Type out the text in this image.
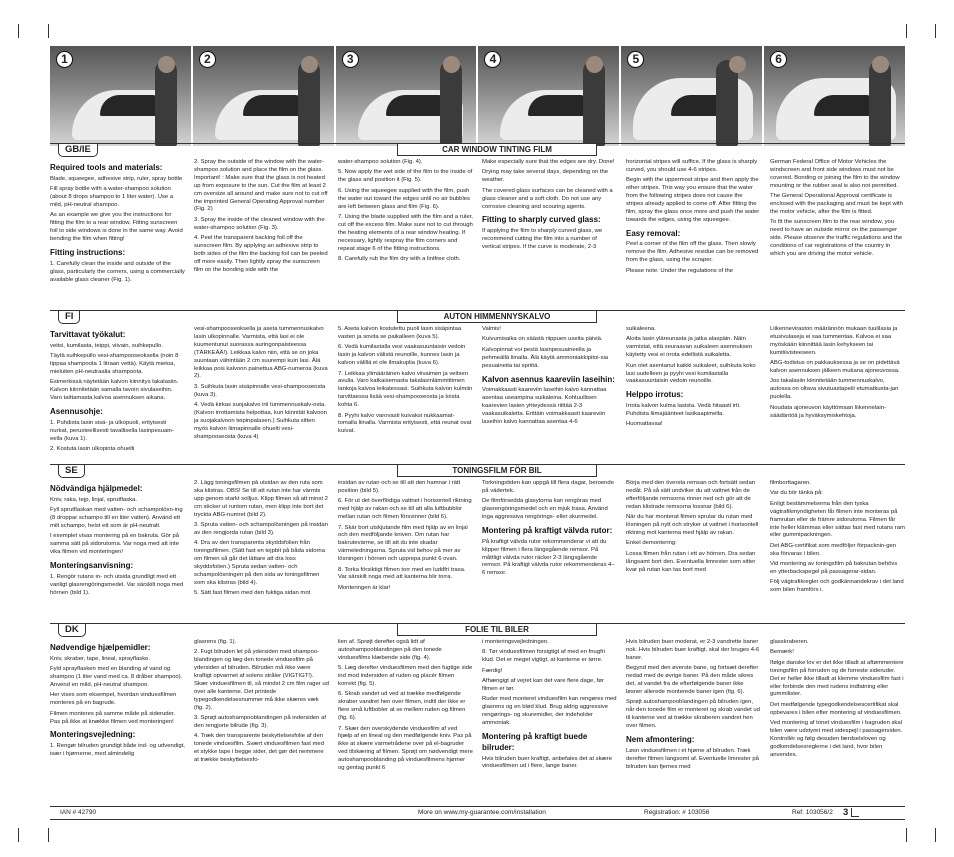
1	2	3	4	5	6
GB/IE	CAR WINDOW TINTING FILM
Required tools and materials:

Blade, squeegee, adhesive strip, ruler, spray bottle

Fill spray bottle with a water-shampoo solution (about 8 drops shampoo to 1 liter water). Use a mild, pH-neutral shampoo.

As an example we give you the instructions for fitting the film to a rear window. Fitting sunscreen foil to side windows is done in the same way. Avoid bending the film when fitting!

Fitting instructions:

1. Carefully clean the inside and outside of the glass, particularly the corners, using a commercially available glass cleaner (Fig. 1).

2. Spray the outside of the window with the water-shampoo solution and place the film on the glass. Important! : Make sure that the glass is not heated up from exposure to the sun. Cut the film at least 2 cm oversize all around and make sure not to cut off the imprinted General Operating Approval number (Fig. 2)

3. Spray the inside of the cleaned window with the water-shampoo solution (Fig. 3).

4. Peel the transparent backing foil off the sunscreen film. By applying an adhesive strip to both sides of the film the backing foil can be peeled off more easily. Then lightly spray the sunscreen film on the bonding side with the

water-shampoo solution (Fig. 4).

5. Now apply the wet side of the film to the inside of the glass and position it (Fig. 5).

6. Using the squeegee supplied with the film, push the water out toward the edges until no air bubbles are left between glass and film (Fig. 6).

7. Using the blade supplied with the film and a ruler, cut off the excess film. Make sure not to cut through the heating elements of a rear window heating. If necessary, lightly respray the film corners and repeat stage 6 of the fitting instructions.

8. Carefully rub the film dry with a lintfree cloth.

Make especially sure that the edges are dry. Done!

Drying may take several days, depending on the weather.

The covered glass surfaces can be cleaned with a glass cleaner and a soft cloth. Do not use any corrosive cleaning and scouring agents.

Fitting to sharply curved glass:

If applying the film to sharply curved glass, we recommend cutting the film into a number of vertical stripes. If the curve is moderate, 2-3

horizontal stripes will suffice. If the glass is sharply curved, you should use 4-6 stripes.

Begin with the uppermost stripe and then apply the other stripes. This way you ensure that the water from the following stripes does not cause the stripes already applied to come off. After fitting the film, spray the glass once more and push the water towards the edges, using the squeegee.

Easy removal:

Peel a corner of the film off the glass. Then slowly remove the film. Adhesive residue can be removed from the glass, using the scraper.

Please note: Under the regulations of the

German Federal Office of Motor Vehicles the windscreen and front side windows must not be covered. Bonding or joining the film to the window mounting or the rubber seal is also not permitted.

The General Operational Approval certificate is enclosed with the packaging and must be kept with the motor vehicle, after the film is fitted.

To fit the sunscreen film to the rear window, you need to have an outside mirror on the passenger side. Please observe the traffic regulations and the conditions of car registrations of the country in which you are driving the motor vehicle.

FI	AUTON HIMMENNYSKALVO
Tarvittavat työkalut:

veitsi, kumilasta, teippi, viivain, suihkepullo.

Täytä suihkepullo vesi-shampooseoksella (noin 8 tippaa shampoota 1 litraan vettä). Käytä mietoa, mieluiten pH-neutraalia shampoota.

Esimerkissä näytetään kalvon kiinnitys takalasiin. Kalvon kiinnitetään samalla tavoin sivulaseihin. Varo taittamasta kalvoa asennuksen aikana.

Asennusohje:

1. Puhdista lasin sisä- ja ulkopuoli, erityisesti nurkat, perusteellisesti tavallisella lasinpesuain-eella (kuva 1).

2. Kostuta lasin ulkopinta ohuelti

vesi-shampooseoksella ja aseta tummennuskalvo lasin ulkopinnalle. Varmista, että lasi ei ole kuumentunut suorassa auringonpaisteessa (TÄRKEÄÄ!). Leikkaa kalvo niin, että se on joka suuntaan vähintään 2 cm suurempi kuin lasi. Älä leikkaa pois kalvoon painettua ABG-numeroa (kuva 2).

3. Suihkuta lasin sisäpinnalle vesi-shampooseosta (kuva 3).

4. Vedä kirkas suojakalvo irti tummennuskalv-osta. (Kalvon irrottamista helpottaa, kun kiinnität kalvoon ja suojakalvoon teipinpalasen.) Suihkuta sitten myös kalvon liimapinnalle ohuelti vesi-shampooseosta (kuva 4)

5. Aseta kalvon kostutettu puoli lasin sisäpintaa vasten ja sovita se paikalleen (kuva 5).

6. Vedä kumilastalla vesi vaakasuuntaisin vedoin lasin ja kalvon välistä reunoille, kunnes lasin ja kalvon välillä ei ole ilmakuplia (kuva 6).

7. Leikkaa ylimääräinen kalvo viivaimen ja veitsen avulla. Varo katkaisemasta takalasinlämmittimen lankoja kalvoa leikatessasi. Suihkuta kalvon kulmiin tarvittaessa lisää vesi-shampooseosta ja toista kohta 6.

8. Pyyhi kalvo varovasti kuivaksi nukkaamat-tomalla liinalla. Varmista erityisesti, että reunat ovat kuivat.

Valmis!

Kuivumisaika on säästä riippuen useita päiviä.

Kalvopinnat voi pestä lasinpesuaineella ja pehmeällä liinalla. Älä käytä ammoniakkipitoi-sia pesuaineita tai spriitä.

Kalvon asennus kaareviin laseihin:

Voimakkaasti kaareviin laseihin kalvo kannattaa asentaa useampina suikaleina. Kohtuullisen kaarevien lasien yhteydessä riittää 2-3 vaakasuikaletta. Erittäin voimakkaasti kaareviin laseihin kalvo kannattaa asentaa 4-6

suikaleena.

Aloita lasin yläreunasta ja jatka alaspäin. Näin varmistat, että seuraavan suikaleen asennuksen käytetty vesi ei irrota edellistä suikaletta.

Kun olet asentanut kaikki suikaleet, suihkuta koko lasi uudelleen ja pyyhi vesi kumilastalla vaakasuuntaisin vedoin reunoille.

Helppo irrotus:

Irrota kalvon kulma lasista. Vedä hitaasti irti. Puhdista liimajäänteet lasikaapimella.

Huomattavaa!

Liikenneviraston määrännön mukaan tuulilasia ja etusivulaseja ei saa tummentaa. Kalvoa ei saa myöskään kiinnittää lasin kehykseen tai kumitiivisteeseen.

ABG-todistus on pakkauksessa ja se on pidettävä kalvon asennuksen jälkeen mukana ajoneuvossa.

Jos takalasiin kiinnitetään tummennuskalvo, autossa on oltava sivutuastapeili etumatkusta-jan puolella.

Noudata ajoneuvon käyttömaan liikennelain-säädäntöä ja hyväksymiskehtoja.

SE	TONINGSFILM FÖR BIL
Nödvändiga hjälpmedel:

Kniv, raka, tejp, linjal, sprutflaska.

Fyll sprutflaskan med vatten- och schampolösn-ing (8 droppar schampo till en liter vatten). Använd ett milt schampo, helst ett som är pH-neutralt.

I exemplet visas montering på en bakruta. Gör på samma sätt på sidorutorna. Var noga med att inte vika filmen vid monteringen!

Monteringsanvisning:

1. Rengör rutans in- och utsida grundligt med ett vanligt glasrengöringsmedel. Var särskilt noga med hörnen (bild 1).

2. Lägg toningsfilmen på utsidan av den ruta som ska klistras. OBS! Se till att rutan inte har värmts upp genom starkt solljus. Klipp filmen så att minst 2 cm sticker ut runtom rutan, men klipp inte bort det tryckta ABG-numret (bild 2).

3. Spruta vatten- och schampolösningen på insidan av den rengjorda rutan (bild 3).

4. Dra av den transparenta skyddsfolien från toningsfilmen. (Sätt fast en tejpbit på båda sidorna om filmen så går det lättare att dra loss skyddsfolien.) Spruta sedan vatten- och schampolösningen på den sida av toningsfilmen som ska klistras (bild 4).

5. Sätt fast filmen med den fuktiga sidan mot

insidan av rutan och se till att den hamnar i rätt position (bild 5).

6. För ut det överflödiga vattnet i horisontell riktning med hjälp av rakan och se till att alla luftbubblor mellan rutan och filmen försvinner (bild 6).

7. Skär bort utskjutande film med hjälp av en linjal och den medföljande kniven. Om rutan har bakrutevärme, se till att du inte skadar värmeledningarna. Spruta vid behov på mer av lösningen i hörnen och upprepa punkt 6 ovan.

8. Torka försiktigt filmen torr med en luddfri trasa. Var särskilt noga med att kanterna blir torra.

Monteringen är klar!

Torkningstiden kan uppgå till flera dagar, beroende på vädertek.

De filmförsedda glasytorna kan rengöras med glasrengöringsmedel och en mjuk trasa. Använd inga aggressiva rengörings- eller skurmedel.

Montering på kraftigt välvda rutor:

På kraftigt välvda rutor rekommenderar vi att du klipper filmen i flera längsgående remsor. På måttligt välvda rutor räcker 2-3 längsgående remsor. På kraftigt välvda rutor rekommenderas 4–6 remsor.

Börja med den översta remsan och fortsätt sedan nedåt. På så sätt undviker du att vattnet från de efterföljande remsorna rinner ned och gör att de redan klistrade remsorna lossnar (bild 6).

När du har monterat filmen sprutar du rutan med lösningen på nytt och stryker ut vattnet i horisontell riktning mot kanterna med hjälp av rakan.

Enkel demontering:

Lossa filmen från rutan i ett av hörnen. Dra sedan långsamt bort den. Eventuella limrester som sitter kvar på rutan kan tas bort med

filmborttagaren.

Var du bör tänka på:

Enligt bestämmelserna från den tyska vägtrafikmyndigheten får filmen inte monteras på framrutan eller de främre sidorutorna. Filmen får inte heller klämmas eller sättas fast med rutans ram eller gummipackningen.

Det ABG-certifikat som medföljer förpacknin-gen ska förvaras i bilen.

Vid montering av toningsfilm på bakrutan behövs en ytterbackspegel på passagerar-sidan.

Följ vägtrafikregler och godkännandekrav i det land som bilen framförs i.

DK	FOLIE TIL BILER
Nødvendige hjælpemidler:

Kniv, skraber, tape, lineal, sprayflaske.

Fyld sprayflasken med en blanding af vand og shampoo (1 liter vand med ca. 8 dråber shampoo). Anvend en mild, pH-neutral shampoo.

Her vises som eksempel, hvordan vinduesfilmen monteres på en bagrude.

Filmen monteres på samme måde på sideruder. Pas på ikke at knække filmen ved monteringen!

Monteringsvejledning:

1. Rengør bilruden grundigt både ind- og udvendigt, især i hjørnerne, med almindelig

glasrens (fig. 1).

2. Fugt bilruden let på ydersiden med shampoo-blandingen og læg den tonede vinduesfilm på ydersiden af bilruden. Bilruden må ikke være kraftigt opvarmet af solens stråler (VIGTIGT!). Skær vinduesfilmen til, så mindst 2 cm film rager ud over alle kanterne. Det printede typegodkendelsesnummer må ikke skæres væk (fig. 2).

3. Sprøjt autoshampooblandingen på indersiden af den rengjorte bilrude (fig. 3).

4. Træk den transparente beskyttelsesfolie af den tonede vinduesfilm. Svært vinduesfilmen fast med et stykke tape i begge sider, det gør det nemmere at trække beskyttelsesfo-

lien af. Sprøjt derefter også lidt af autoshampooblandingen på den tonede vinduesfilms klæbende side (fig. 4).

5. Læg derefter vinduesfilmen med den fugtige side ind mod indersiden af ruden og placér filmen korrekt (fig. 5).

6. Skrab vandet ud ved at trække medfølgende skraber vandret hen over filmen, indtil der ikke er flere små luftbobler at se mellem ruden og filmen (fig. 6).

7. Skær den overskydende vinduesfilm af ved hjælp af en lineal og den medfølgende kniv. Pas på ikke at skære varmetrådene over på el-bagruder ved tilskæring af filmen. Sprøjt om nødvendigt mere autoshampooblanding på vinduesfilmens hjørner og gentag punkt 6

i monteringsvejledningen.

8. Tør vinduesfilmen forsigtigt af med en fnugfri klud. Det er meget vigtigt, at kanterne er tørre.

Færdig!

Afhængigt af vejret kan det vare flere dage, før filmen er tør.

Ruder med monteret vinduesfilm kan rengøres med glasrens og en blød klud. Brug aldrig aggressive rengørings- og skuremidler, der indeholder ammoniak.

Montering på kraftigt buede bilruder:

Hvis bilruden buer kraftigt, anbefales det at skære vinduesfilmen ud i flere, lange baner.

Hvis bilruden buer moderat, er 2-3 vandrette baner nok. Hvis bilruden buer kraftigt, skal der bruges 4-6 baner.

Begynd med den øverste bane, og fortsæt derefter nedad med de øvrige baner. På den måde sikres det, at vandet fra de efterfølgende baner ikke løsner allerede monterede baner igen (fig. 6).

Sprøjt autoshampooblandingen på bilruden igen, når den tonede film er monteret og skrab vandet ud til kanterne ved at trække skraberen vandret hen over filmen.

Nem afmontering:

Løsn vinduesfilmen i et hjørne af bilruden. Træk derefter filmen langsomt af. Eventuelle limrester på bilruden kan fjernes med

glasskraberen.

Bemærk!

Ifølge danske lov er det ikke tilladt at aftømmentere toningsfilm på forruden og de forreste sideruder. Det er heller ikke tilladt at klemme vinduesfilm fast i eller forbinde den med rudens indfatning eller gummilister.

Det medfølgende typegodkendelsescertifikat skal opbevares i bilen efter montering af vinduesfilmen.

Ved montering af tonet vinduesfilm i bagruden skal bilen være udstyret med sidespejl i passagersiden. Kontrollér og følg desuden færdselsloven og godkendelsesreglerne i det land, hvor bilen anvendes.

IAN # 42790	More on www.my-guarantee.com/installation	Registration: # 103056	Ref: 103056/2 3
